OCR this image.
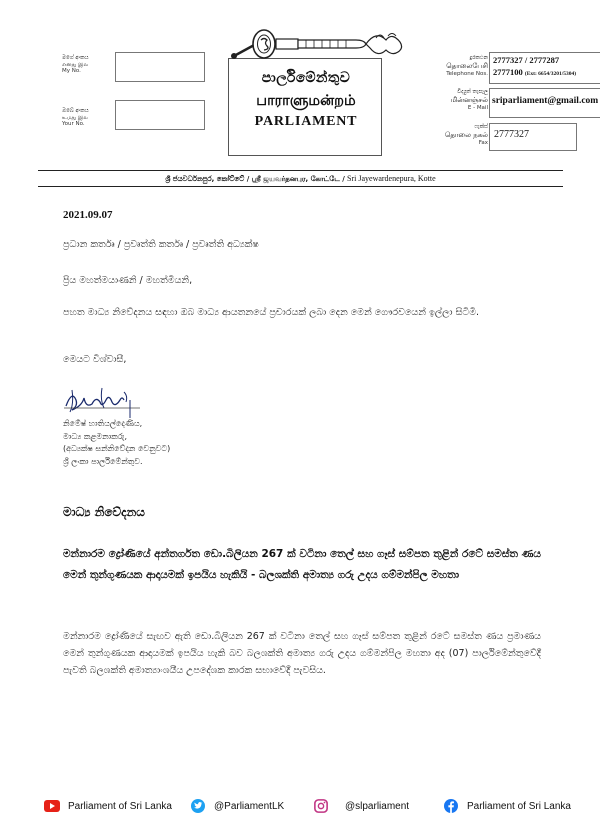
මගේ අංකය
எனது இல
My No.
ඔබේ අංකය
உமது இல
Your No.
පාර්ලිමේන්තුව
பாராளுமன்றம்
PARLIAMENT
දුරකථන
தொலைபேசி
Telephone Nos.
2777327 / 2777287
2777100 (Ext: 6654/3201/5304)
විද්‍යුත් තැපෑල
மின்னஞ்சல்
E - Mail
sriparliament@gmail.com
ෆැක්ස්
தொலை நகல்
Fax
2777327
ශ්‍රී ජයවර්ධනපුර, කෝට්ටේ / ஸ்ரீ ஜயவர்தனபுர, கோட்டே / Sri Jayewardenepura, Kotte
2021.09.07
ප්‍රධාන කර්තෘ / ප්‍රවෘත්ති කර්තෘ / ප්‍රවෘත්ති අධ්‍යක්ෂ
ප්‍රිය මහත්මයාණනි / මහත්මියනි,
පහත මාධ්‍ය නිවේදනය සඳහා ඔබ මාධ්‍ය ආයතනයේ ප්‍රචාරයක් ලබා දෙන මෙන් ගෞරවයෙන් ඉල්ලා සිටිමි.
මෙයට විශ්වාසී,
නිමේෂ් හාතියල්දෙණිය,
මාධ්‍ය කළමනාකරු,
(අධ්‍යක්ෂ සන්නිවේදන වෙනුවට)
ශ්‍රී ලංකා පාර්ලිමේන්තුව.
මාධ්‍ය නිවේදනය
මන්නාරම ද්‍රෝණියේ අන්තර්ගත ඩො.බිලියන 267 ක් වටිනා තෙල් සහ ගෑස් සම්පත තුළින් රටේ සමස්ත ණය මෙන් තුන්ගුණයක ආදායමක් ඉපයිය හැකියි - බලශක්ති අමාත්‍ය ගරු උදය ගම්මන්පිල මහතා
මන්නාරම ද්‍රෝණියේ සැඟව ඇති ඩො.බිලියන 267 ක් වටිනා තෙල් සහ ගෑස් සම්පත තුළින් රටේ සමස්ත ණය ප්‍රමාණය මෙන් තුන්ගුණයක ආදායමක් ඉපයිය හැකි බව බලශක්ති අමාත්‍ය ගරු උදය ගම්මන්පිල මහතා අද (07) පාර්ලිමේන්තුවේදී පැවති බලශක්ති අමාත්‍යාංශයීය උපදේශක කාරක සභාවේදී පැවසිය.
Parliament of Sri Lanka	@ParliamentLK	@slparliament	Parliament of Sri Lanka
